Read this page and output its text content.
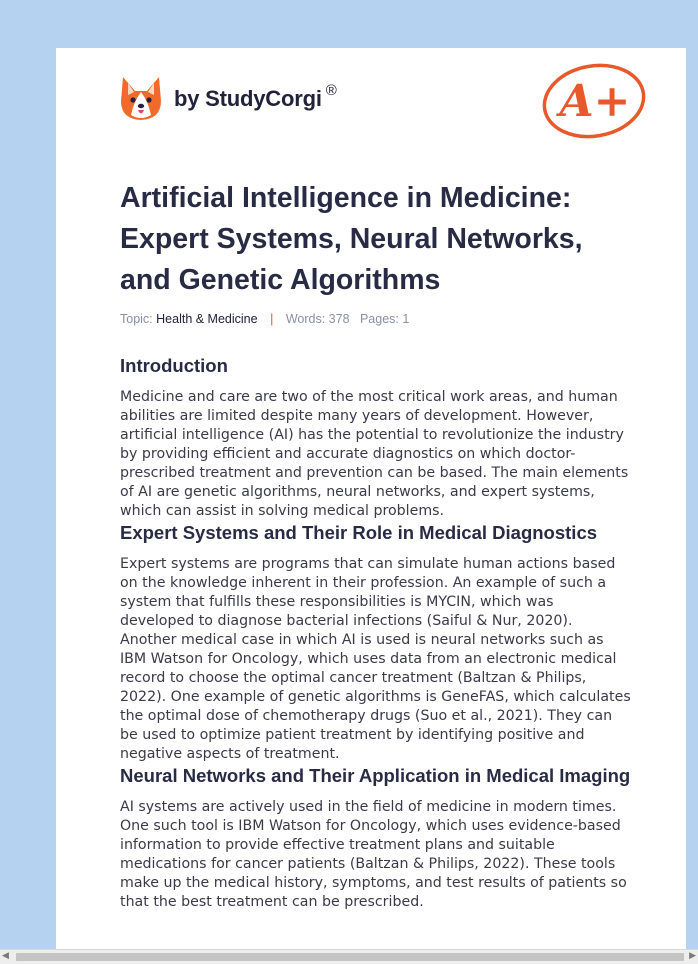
by StudyCorgi ®	A+
Artificial Intelligence in Medicine: Expert Systems, Neural Networks, and Genetic Algorithms
Topic: Health & Medicine | Words: 378 Pages: 1
Introduction

Medicine and care are two of the most critical work areas, and human abilities are limited despite many years of development. However, artificial intelligence (AI) has the potential to revolutionize the industry by providing efficient and accurate diagnostics on which doctor-prescribed treatment and prevention can be based. The main elements of AI are genetic algorithms, neural networks, and expert systems, which can assist in solving medical problems.

Expert Systems and Their Role in Medical Diagnostics

Expert systems are programs that can simulate human actions based on the knowledge inherent in their profession. An example of such a system that fulfills these responsibilities is MYCIN, which was developed to diagnose bacterial infections (Saiful & Nur, 2020). Another medical case in which AI is used is neural networks such as IBM Watson for Oncology, which uses data from an electronic medical record to choose the optimal cancer treatment (Baltzan & Philips, 2022). One example of genetic algorithms is GeneFAS, which calculates the optimal dose of chemotherapy drugs (Suo et al., 2021). They can be used to optimize patient treatment by identifying positive and negative aspects of treatment.

Neural Networks and Their Application in Medical Imaging

AI systems are actively used in the field of medicine in modern times. One such tool is IBM Watson for Oncology, which uses evidence-based information to provide effective treatment plans and suitable medications for cancer patients (Baltzan & Philips, 2022). These tools make up the medical history, symptoms, and test results of patients so that the best treatment can be prescribed.

◀	▶
